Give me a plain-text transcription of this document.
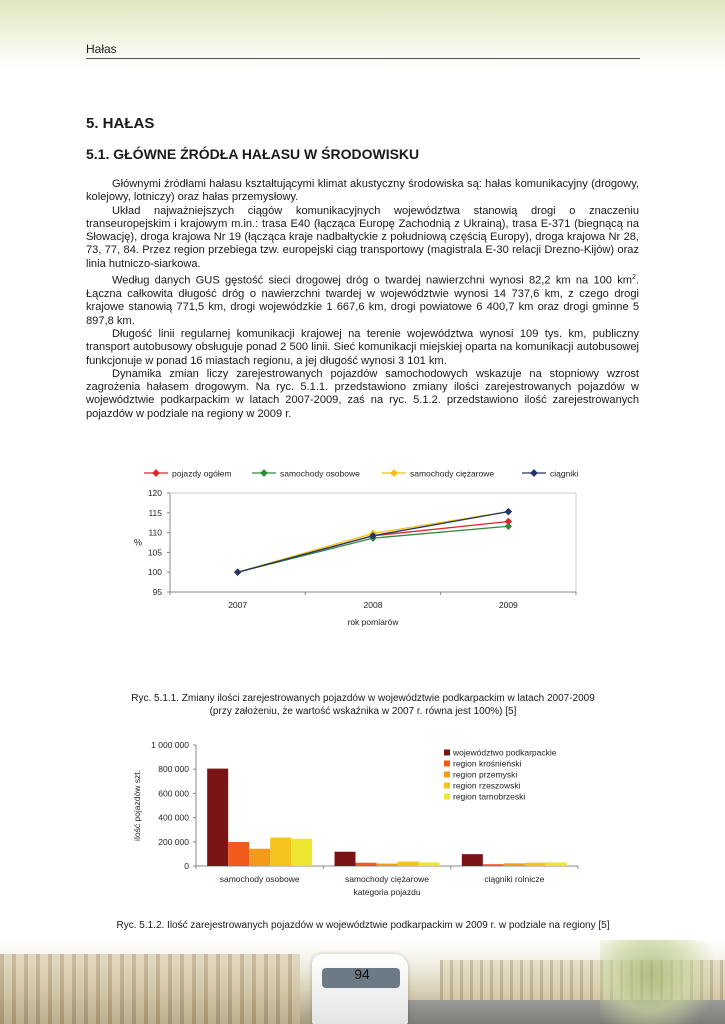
Hałas
5. HAŁAS
5.1. GŁÓWNE ŹRÓDŁA HAŁASU W ŚRODOWISKU

Głównymi źródłami hałasu kształtującymi klimat akustyczny środowiska są: hałas komunikacyjny (drogowy, kolejowy, lotniczy) oraz hałas przemysłowy.

Układ najważniejszych ciągów komunikacyjnych województwa stanowią drogi o znaczeniu transeuropejskim i krajowym m.in.: trasa E40 (łącząca Europę Zachodnią z Ukrainą), trasa E-371 (biegnącą na Słowację), droga krajowa Nr 19 (łącząca kraje nadbałtyckie z południową częścią Europy), droga krajowa Nr 28, 73, 77, 84. Przez region przebiega tzw. europejski ciąg transportowy (magistrala E-30 relacji Drezno-Kijów) oraz linia hutniczo-siarkowa.

Według danych GUS gęstość sieci drogowej dróg o twardej nawierzchni wynosi 82,2 km na 100 $km^2$. Łączna całkowita długość dróg o nawierzchni twardej w województwie wynosi 14 737,6 km, z czego drogi krajowe stanowią 771,5 km, drogi wojewódzkie 1 667,6 km, drogi powiatowe 6 400,7 km oraz drogi gminne 5 897,8 km.

Długość linii regularnej komunikacji krajowej na terenie województwa wynosi 109 tys. km, publiczny transport autobusowy obsługuje ponad 2 500 linii. Sieć komunikacji miejskiej oparta na komunikacji autobusowej funkcjonuje w ponad 16 miastach regionu, a jej długość wynosi 3 101 km.

Dynamika zmian liczy zarejestrowanych pojazdów samochodowych wskazuje na stopniowy wzrost zagrożenia hałasem drogowym. Na ryc. 5.1.1. przedstawiono zmiany ilości zarejestrowanych pojazdów w województwie podkarpackim w latach 2007-2009, zaś na ryc. 5.1.2. przedstawiono ilość zarejestrowanych pojazdów w podziale na regiony w 2009 r.

pojazdy ogółem	samochody osobowe	samochody ciężarowe	ciągniki
95
100
105
110
115
120
2007	2008	2009
rok pomiarów
%
Ryc. 5.1.1. Zmiany ilości zarejestrowanych pojazdów w województwie podkarpackim w latach 2007-2009
(przy założeniu, że wartość wskaźnika w 2007 r. równa jest 100%) [5]
0
200 000
400 000
600 000
800 000
1 000 000
samochody osobowe	samochody ciężarowe	ciągniki rolnicze
kategoria pojazdu
ilość pojazdów szt.
województwo podkarpackie
region krośnieński
region przemyski
region rzeszowski
region tarnobrzeski
Ryc. 5.1.2. Ilość zarejestrowanych pojazdów w województwie podkarpackim w 2009 r. w podziale na regiony [5]
94
